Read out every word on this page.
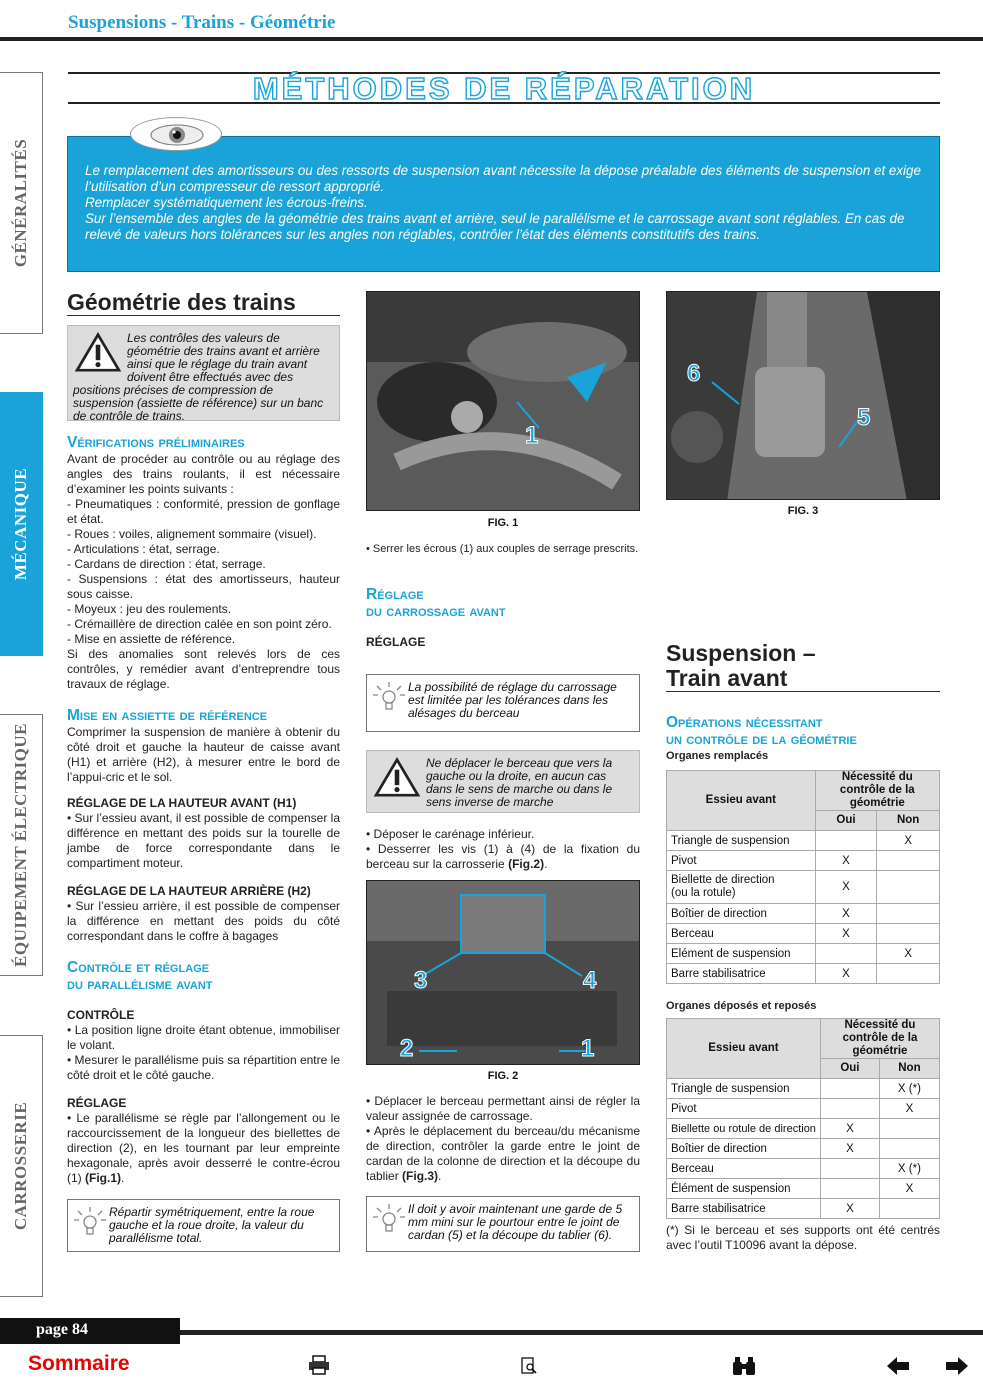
Suspensions - Trains - Géométrie
GÉNÉRALITÉS
MÉCANIQUE
ÉQUIPEMENT ÉLECTRIQUE
CARROSSERIE
MÉTHODES DE RÉPARATION

Le remplacement des amortisseurs ou des ressorts de suspension avant nécessite la dépose préalable des éléments de suspension et exige l’utilisation d’un compresseur de ressort approprié.

Remplacer systématiquement les écrous-freins.

Sur l’ensemble des angles de la géométrie des trains avant et arrière, seul le parallélisme et le carrossage avant sont réglables. En cas de relevé de valeurs hors tolérances sur les angles non réglables, contrôler l’état des éléments constitutifs des trains.

Géométrie des trains
Les contrôles des valeurs de géométrie des trains avant et arrière ainsi que le réglage du train avant doivent être effectués avec des positions précises de compression de suspension (assiette de référence) sur un banc de contrôle de trains.
Vérifications préliminaires

Avant de procéder au contrôle ou au réglage des angles des trains roulants, il est nécessaire d’examiner les points suivants :

- Pneumatiques : conformité, pression de gonflage et état.

- Roues : voiles, alignement sommaire (visuel).

- Articulations : état, serrage.

- Cardans de direction : état, serrage.

- Suspensions : état des amortisseurs, hauteur sous caisse.

- Moyeux : jeu des roulements.

- Crémaillère de direction calée en son point zéro.

- Mise en assiette de référence.

Si des anomalies sont relevés lors de ces contrôles, y remédier avant d’entreprendre tous travaux de réglage.

Mise en assiette de référence
Comprimer la suspension de manière à obtenir du côté droit et gauche la hauteur de caisse avant (H1) et arrière (H2), à mesurer entre le bord de l’appui-cric et le sol.
RÉGLAGE DE LA HAUTEUR AVANT (H1)
• Sur l’essieu avant, il est possible de compenser la différence en mettant des poids sur la tourelle de jambe de force correspondante dans le compartiment moteur.
RÉGLAGE DE LA HAUTEUR ARRIÈRE (H2)
• Sur l’essieu arrière, il est possible de compenser la différence en mettant des poids du côté correspondant dans le coffre à bagages
Contrôle et réglage
du parallélisme avant
CONTRÔLE

• La position ligne droite étant obtenue, immobiliser le volant.

• Mesurer le parallélisme puis sa répartition entre le côté droit et le côté gauche.

RÉGLAGE
• Le parallélisme se règle par l’allongement ou le raccourcissement de la longueur des biellettes de direction (2), en les tournant par leur empreinte hexagonale, après avoir desserré le contre-écrou (1) (Fig.1).
Répartir symétriquement, entre la roue gauche et la roue droite, la valeur du parallélisme total.
1
FIG. 1
• Serrer les écrous (1) aux couples de serrage prescrits.
Réglage
du carrossage avant
RÉGLAGE
La possibilité de réglage du carrossage est limitée par les tolérances dans les alésages du berceau
Ne déplacer le berceau que vers la gauche ou la droite, en aucun cas dans le sens de marche ou dans le sens inverse de marche

• Déposer le carénage inférieur.

• Desserrer les vis (1) à (4) de la fixation du berceau sur la carrosserie (Fig.2).

1
2
3	4
FIG. 2

• Déplacer le berceau permettant ainsi de régler la valeur assignée de carrossage.

• Après le déplacement du berceau/du mécanisme de direction, contrôler la garde entre le joint de cardan de la colonne de direction et la découpe du tablier (Fig.3).

Il doit y avoir maintenant une garde de 5 mm mini sur le pourtour entre le joint de cardan (5) et la découpe du tablier (6).
6
5
FIG. 3
Suspension – Train avant
Opérations nécessitant
un contrôle de la géométrie
Organes remplacés
Essieu avant	Nécessité du contrôle de la géométrie	
	Oui	Non
Triangle de suspension		X
Pivot	X	

Biellette de direction (ou la rotule)	X	
Boîtier de direction	X	
Berceau	X	
Elément de suspension		X
Barre stabilisatrice	X	
Organes déposés et reposés
Essieu avant	Nécessité du contrôle de la géométrie	
	Oui	Non
Triangle de suspension		X (*)
Pivot		X
Biellette ou rotule de direction	X	
Boîtier de direction	X	
Berceau		X (*)
Élément de suspension		X
Barre stabilisatrice	X	
(*) Si le berceau et ses supports ont été centrés avec l’outil T10096 avant la dépose.
page 84
Sommaire
